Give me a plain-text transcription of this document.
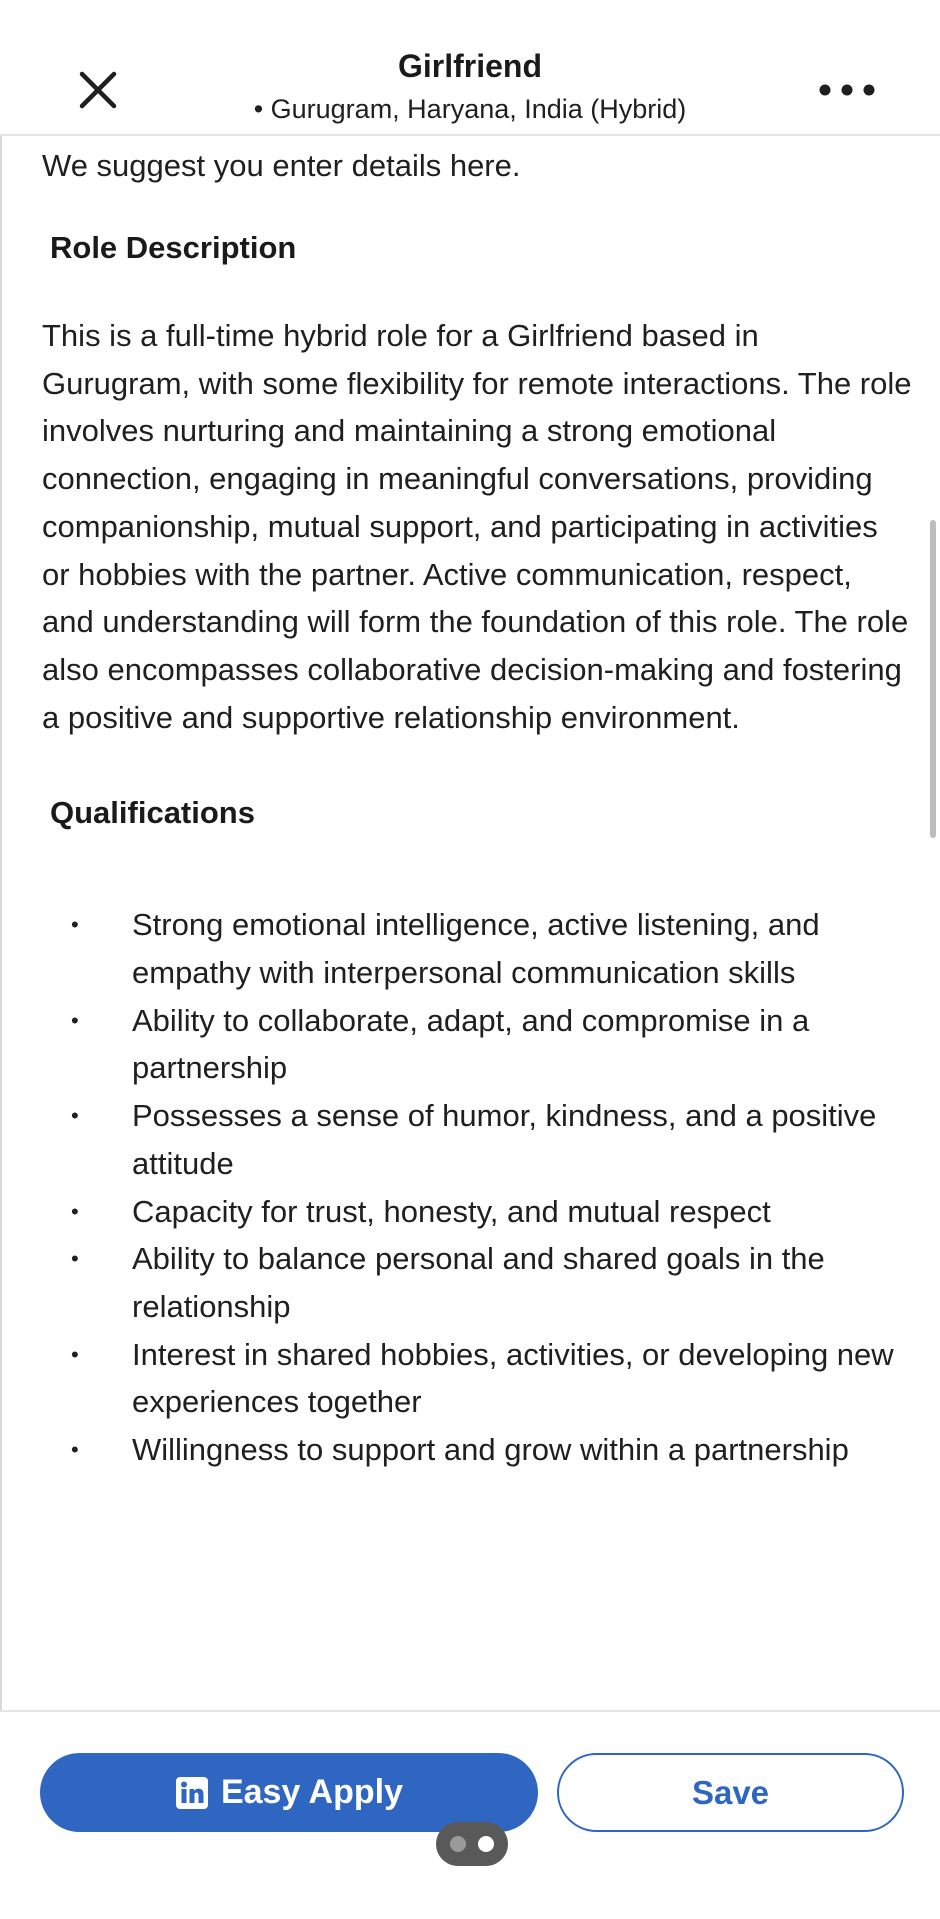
Girlfriend
• Gurugram, Haryana, India (Hybrid)

We suggest you enter details here.

Role Description

This is a full-time hybrid role for a Girlfriend based in Gurugram, with some flexibility for remote interactions. The role involves nurturing and maintaining a strong emotional connection, engaging in meaningful conversations, providing companionship, mutual support, and participating in activities or hobbies with the partner. Active communication, respect, and understanding will form the foundation of this role. The role also encompasses collaborative decision-making and fostering a positive and supportive relationship environment.

Qualifications
• Strong emotional intelligence, active listening, and empathy with interpersonal communication skills
• Ability to collaborate, adapt, and compromise in a partnership
• Possesses a sense of humor, kindness, and a positive attitude
• Capacity for trust, honesty, and mutual respect
• Ability to balance personal and shared goals in the relationship
• Interest in shared hobbies, activities, or developing new experiences together
• Willingness to support and grow within a partnership
Easy Apply	Save
